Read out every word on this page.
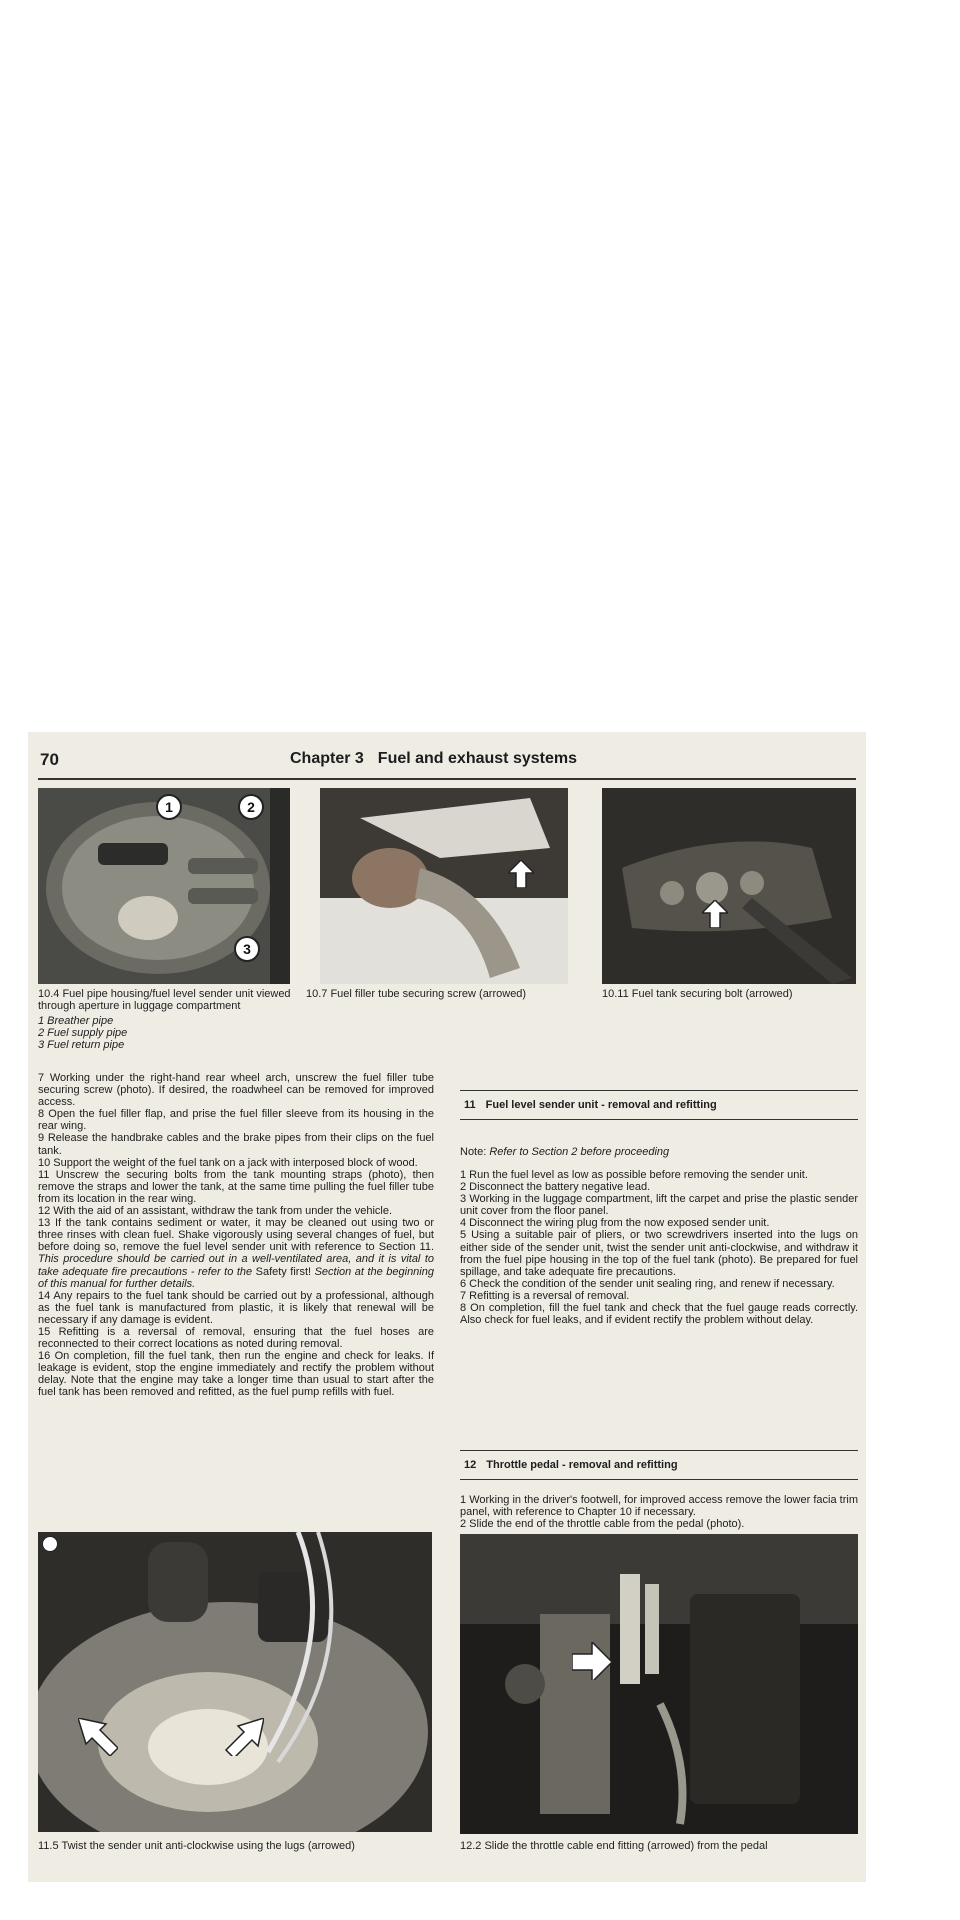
70	Chapter 3 Fuel and exhaust systems
1	2
3
10.4 Fuel pipe housing/fuel level sender unit viewed through aperture in luggage compartment
10.7 Fuel filler tube securing screw (arrowed)	10.11 Fuel tank securing bolt (arrowed)
1 Breather pipe
2 Fuel supply pipe
3 Fuel return pipe

7 Working under the right-hand rear wheel arch, unscrew the fuel filler tube securing screw (photo). If desired, the roadwheel can be removed for improved access.

8 Open the fuel filler flap, and prise the fuel filler sleeve from its housing in the rear wing.

9 Release the handbrake cables and the brake pipes from their clips on the fuel tank.

10 Support the weight of the fuel tank on a jack with interposed block of wood.

11 Unscrew the securing bolts from the tank mounting straps (photo), then remove the straps and lower the tank, at the same time pulling the fuel filler tube from its location in the rear wing.

12 With the aid of an assistant, withdraw the tank from under the vehicle.

13 If the tank contains sediment or water, it may be cleaned out using two or three rinses with clean fuel. Shake vigorously using several changes of fuel, but before doing so, remove the fuel level sender unit with reference to Section 11. This procedure should be carried out in a well-ventilated area, and it is vital to take adequate fire precautions - refer to the Safety first! Section at the beginning of this manual for further details.

14 Any repairs to the fuel tank should be carried out by a professional, although as the fuel tank is manufactured from plastic, it is likely that renewal will be necessary if any damage is evident.

15 Refitting is a reversal of removal, ensuring that the fuel hoses are reconnected to their correct locations as noted during removal.

16 On completion, fill the fuel tank, then run the engine and check for leaks. If leakage is evident, stop the engine immediately and rectify the problem without delay. Note that the engine may take a longer time than usual to start after the fuel tank has been removed and refitted, as the fuel pump refills with fuel.

11 Fuel level sender unit - removal and refitting
Note: Refer to Section 2 before proceeding

1 Run the fuel level as low as possible before removing the sender unit.

2 Disconnect the battery negative lead.

3 Working in the luggage compartment, lift the carpet and prise the plastic sender unit cover from the floor panel.

4 Disconnect the wiring plug from the now exposed sender unit.

5 Using a suitable pair of pliers, or two screwdrivers inserted into the lugs on either side of the sender unit, twist the sender unit anti-clockwise, and withdraw it from the fuel pipe housing in the top of the fuel tank (photo). Be prepared for fuel spillage, and take adequate fire precautions.

6 Check the condition of the sender unit sealing ring, and renew if necessary.

7 Refitting is a reversal of removal.

8 On completion, fill the fuel tank and check that the fuel gauge reads correctly. Also check for fuel leaks, and if evident rectify the problem without delay.

12 Throttle pedal - removal and refitting

1 Working in the driver's footwell, for improved access remove the lower facia trim panel, with reference to Chapter 10 if necessary.

2 Slide the end of the throttle cable from the pedal (photo).

11.5 Twist the sender unit anti-clockwise using the lugs (arrowed)	12.2 Slide the throttle cable end fitting (arrowed) from the pedal
